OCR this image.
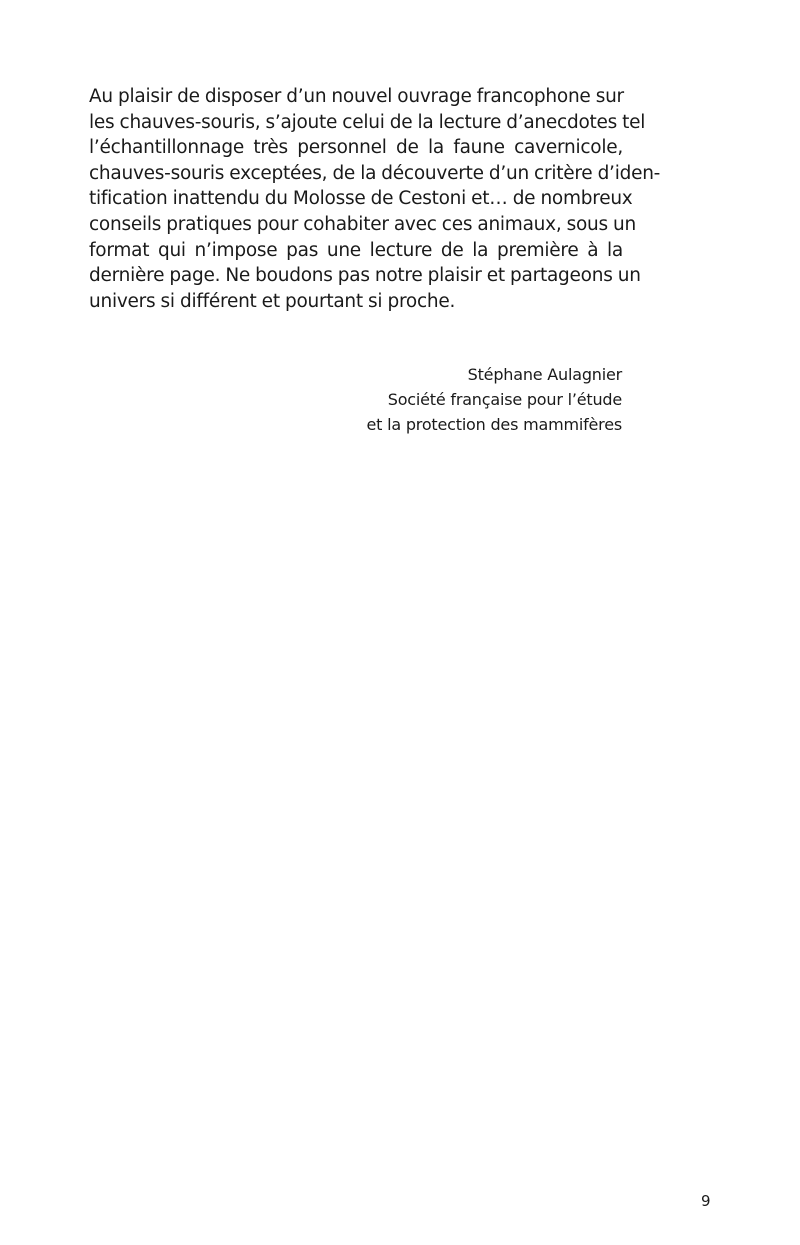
Au plaisir de disposer d’un nouvel ouvrage francophone sur
les chauves-souris, s’ajoute celui de la lecture d’anecdotes tel
l’échantillonnage très personnel de la faune cavernicole,
chauves-souris exceptées, de la découverte d’un critère d’iden-
tification inattendu du Molosse de Cestoni et… de nombreux
conseils pratiques pour cohabiter avec ces animaux, sous un
format qui n’impose pas une lecture de la première à la
dernière page. Ne boudons pas notre plaisir et partageons un
univers si différent et pourtant si proche.
Stéphane Aulagnier
Société française pour l’étude
et la protection des mammifères
9
